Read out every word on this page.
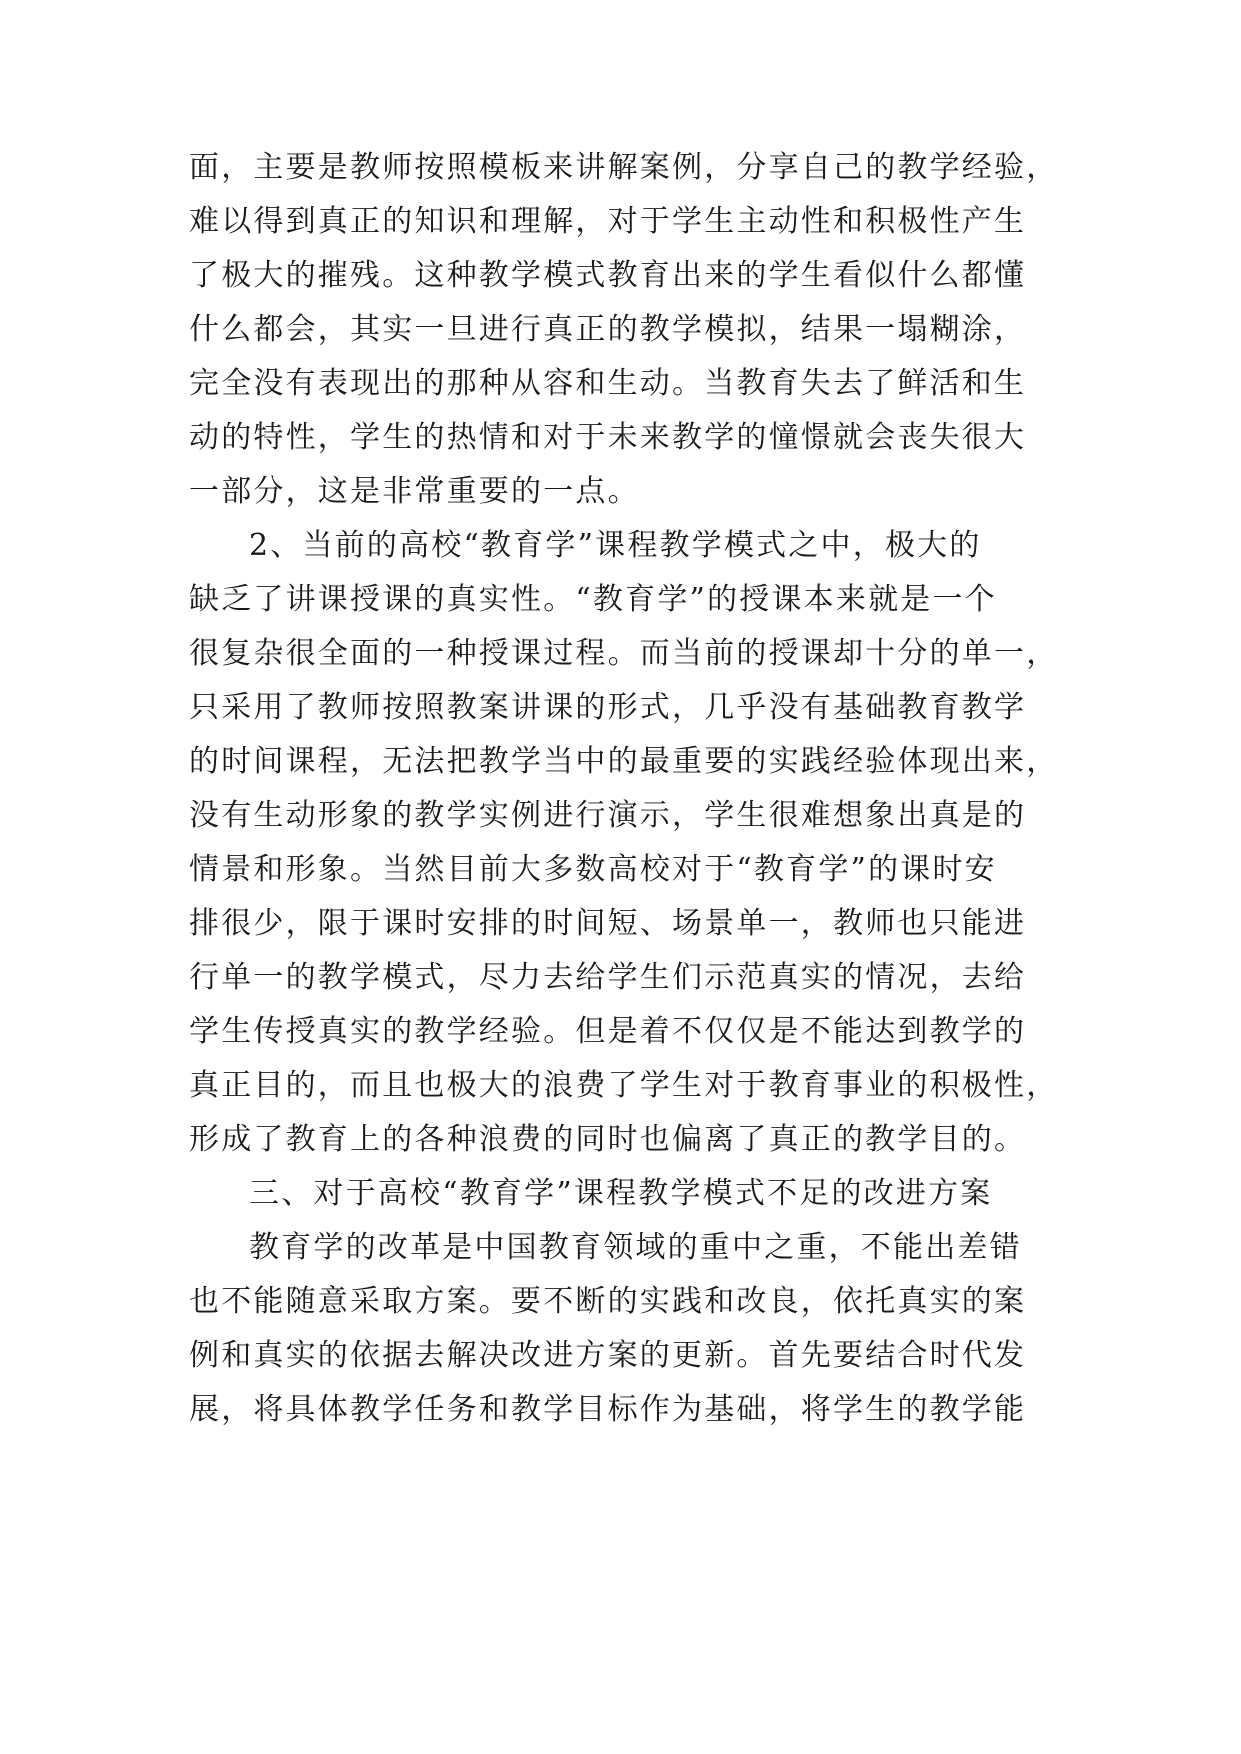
面，主要是教师按照模板来讲解案例，分享自己的教学经验，
难以得到真正的知识和理解，对于学生主动性和积极性产生
了极大的摧残。这种教学模式教育出来的学生看似什么都懂
什么都会，其实一旦进行真正的教学模拟，结果一塌糊涂，
完全没有表现出的那种从容和生动。当教育失去了鲜活和生
动的特性，学生的热情和对于未来教学的憧憬就会丧失很大
一部分，这是非常重要的一点。
2、当前的高校“教育学”课程教学模式之中，极大的
缺乏了讲课授课的真实性。“教育学”的授课本来就是一个
很复杂很全面的一种授课过程。而当前的授课却十分的单一，
只采用了教师按照教案讲课的形式，几乎没有基础教育教学
的时间课程，无法把教学当中的最重要的实践经验体现出来，
没有生动形象的教学实例进行演示，学生很难想象出真是的
情景和形象。当然目前大多数高校对于“教育学”的课时安
排很少，限于课时安排的时间短、场景单一，教师也只能进
行单一的教学模式，尽力去给学生们示范真实的情况，去给
学生传授真实的教学经验。但是着不仅仅是不能达到教学的
真正目的，而且也极大的浪费了学生对于教育事业的积极性，
形成了教育上的各种浪费的同时也偏离了真正的教学目的。
三、对于高校“教育学”课程教学模式不足的改进方案
教育学的改革是中国教育领域的重中之重，不能出差错
也不能随意采取方案。要不断的实践和改良，依托真实的案
例和真实的依据去解决改进方案的更新。首先要结合时代发
展，将具体教学任务和教学目标作为基础，将学生的教学能
